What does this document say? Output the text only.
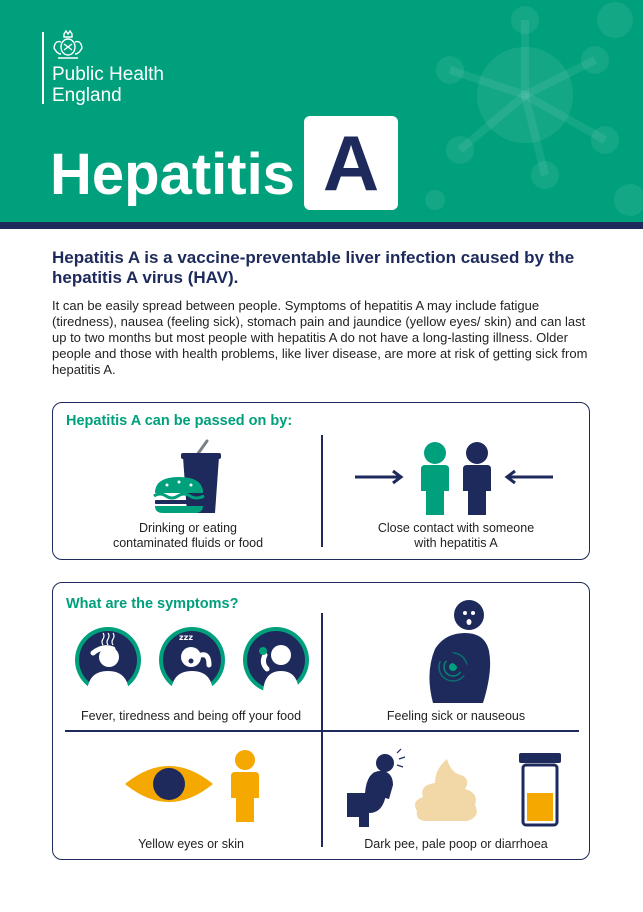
Public Health
England
Hepatitis A
Hepatitis A is a vaccine-preventable liver infection caused by the hepatitis A virus (HAV).
It can be easily spread between people. Symptoms of hepatitis A may include fatigue (tiredness), nausea (feeling sick), stomach pain and jaundice (yellow eyes/ skin) and can last up to two months but most people with hepatitis A do not have a long-lasting illness. Older people and those with health problems, like liver disease, are more at risk of getting sick from hepatitis A.
Hepatitis A can be passed on by:
Drinking or eating
contaminated fluids or food
Close contact with someone
with hepatitis A
What are the symptoms?
zzz
Fever, tiredness and being off your food	Feeling sick or nauseous
Yellow eyes or skin	Dark pee, pale poop or diarrhoea
